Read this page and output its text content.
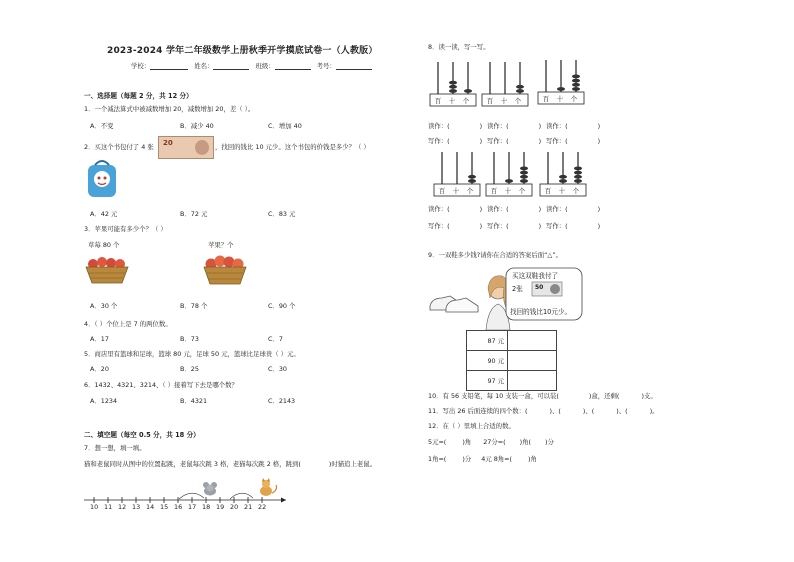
2023-2024 学年二年级数学上册秋季开学摸底试卷一（人教版）
学校：	姓名：	班级：	考号：
一、选择题（每题 2 分，共 12 分）
1．一个减法算式中被减数增加 20，减数增加 20，差（ ）。
A．不变	B．减少 40	C．增加 40
2．买这个书包付了 4 张 20	，找回的钱比 10 元少。这个书包的价钱是多少？（ ）
A．42 元	B．72 元	C．83 元
3．苹果可能有多少个？（ ）
草莓 80 个	苹果？个
A．30 个	B．78 个	C．90 个
4．（ ）个位上是 7 的两位数。
A．17	B．73	C．7
5．商店里有篮球和足球，篮球 80 元，足球 50 元，篮球比足球贵（ ）元。
A．20	B．25	C．30
6．1432、4321、3214、（ ）接着写下去是哪个数？
A．1234	B．4321	C．2143
二、填空题（每空 0.5 分，共 18 分）
7．想一想，填一填。
猫和老鼠同时从图中的位置起跳，老鼠每次跳 3 格，老猫每次跳 2 格，跳到(	)时猫追上老鼠。
10 11 12 13 14 15 16 17 18 19 20 21 22
8．读一读，写一写。
百 十 个	百 十 个	百 十 个
百 十 个	百 十 个	百 十 个
读作：(	) 读作：(	) 读作：(	)
写作：(	) 写作：(	) 写作：(	)
读作：(	) 读作：(	) 读作：(	)
写作：(	) 写作：(	) 写作：(	)
9．一双鞋多少钱?请你在合适的答案后面“△”。
买这双鞋我付了
2张 50
找回的钱比10元少。
87 元	
90 元	
97 元	
10．有 56 支铅笔，每 10 支装一盒，可以装(	)盒，还剩(	)支。
11．写出 26 后面连续的四个数：(	)、(	)、(	)、(	)。
12．在（ ）里填上合适的数。
5元=(	)角 27分=( )角( )分
1角=(	)分 4元 8角=(	)角
